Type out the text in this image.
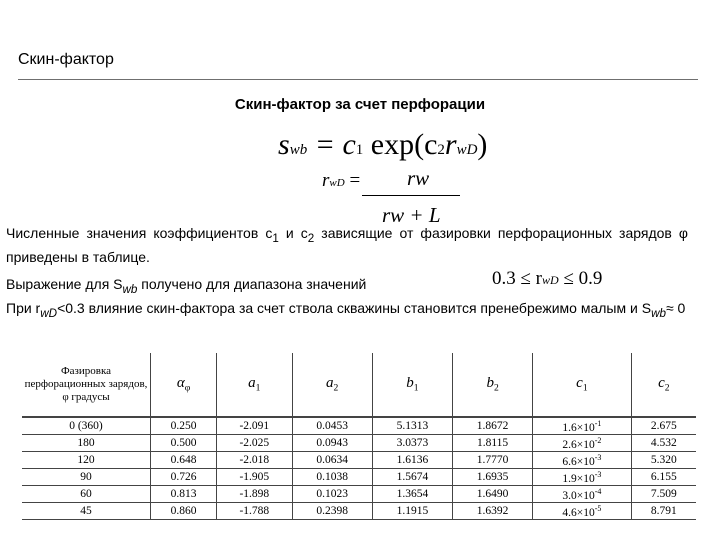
Скин-фактор
Скин-фактор за счет перфорации
swb = c1 exp(c2rwD)
rwD = rw
rw + L
Численные значения коэффициентов $c_1$ и $c_2$ зависящие от фазировки перфорационных зарядов φ приведены в таблице.
Выражение для $S_{wb}$ получено для диапазона значений	0.3 ≤ rwD ≤ 0.9
При $r_{wD}<0.3$ влияние скин-фактора за счет ствола скважины становится пренебрежимо малым и $S_{wb}\approx 0$
Фазировка перфорационных зарядов, φ градусы	$\alpha_\varphi$	$a_1$	$a_2$	$b_1$	$b_2$	$c_1$	$c_2$
0 (360)	0.250	-2.091	0.0453	5.1313	1.8672	$1.6\times 10^{-1}$	2.675
180	0.500	-2.025	0.0943	3.0373	1.8115	$2.6\times 10^{-2}$	4.532
120	0.648	-2.018	0.0634	1.6136	1.7770	$6.6\times 10^{-3}$	5.320
90	0.726	-1.905	0.1038	1.5674	1.6935	$1.9\times 10^{-3}$	6.155
60	0.813	-1.898	0.1023	1.3654	1.6490	$3.0\times 10^{-4}$	7.509
45	0.860	-1.788	0.2398	1.1915	1.6392	$4.6\times 10^{-5}$	8.791
